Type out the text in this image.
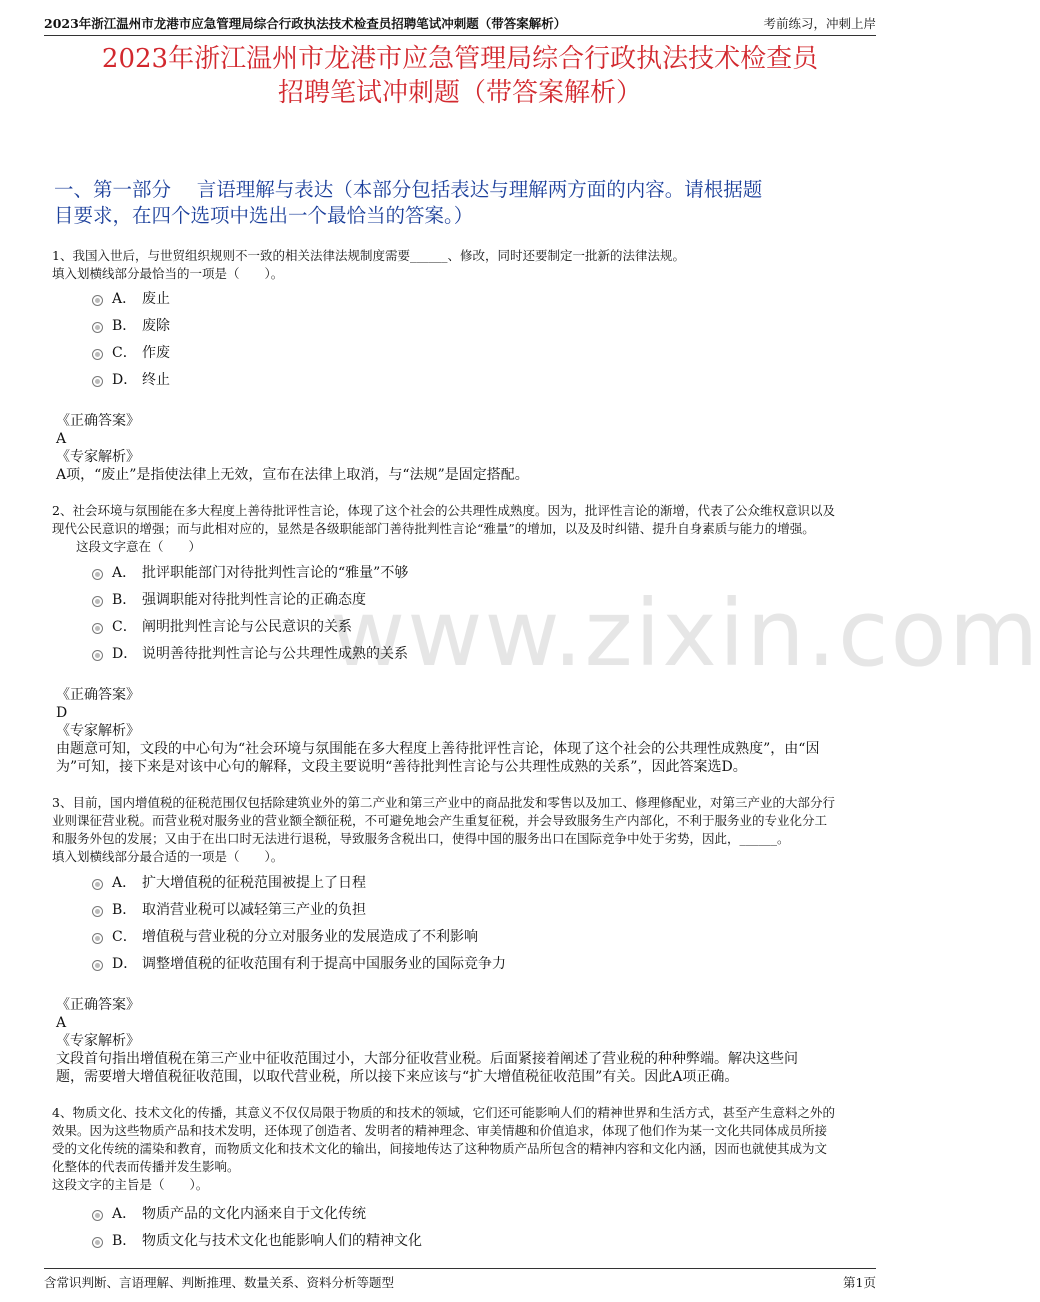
2023年浙江温州市龙港市应急管理局综合行政执法技术检查员招聘笔试冲刺题（带答案解析）	考前练习，冲刺上岸
2023年浙江温州市龙港市应急管理局综合行政执法技术检查员
招聘笔试冲刺题（带答案解析）
一、第一部分　 言语理解与表达（本部分包括表达与理解两方面的内容。请根据题
目要求，在四个选项中选出一个最恰当的答案。）
www.zixin.com

1、我国入世后，与世贸组织规则不一致的相关法律法规制度需要______、修改，同时还要制定一批新的法律法规。

填入划横线部分最恰当的一项是（　　）。

A． 废止
B． 废除
C． 作废
D． 终止

《正确答案》

A

《专家解析》

A项，“废止”是指使法律上无效，宣布在法律上取消，与“法规”是固定搭配。

2、社会环境与氛围能在多大程度上善待批评性言论，体现了这个社会的公共理性成熟度。因为，批评性言论的渐增，代表了公众维权意识以及

现代公民意识的增强；而与此相对应的，显然是各级职能部门善待批判性言论“雅量”的增加，以及及时纠错、提升自身素质与能力的增强。

这段文字意在（　　）

A． 批评职能部门对待批判性言论的“雅量”不够
B． 强调职能对待批判性言论的正确态度
C． 阐明批判性言论与公民意识的关系
D． 说明善待批判性言论与公共理性成熟的关系

《正确答案》

D

《专家解析》

由题意可知，文段的中心句为“社会环境与氛围能在多大程度上善待批评性言论，体现了这个社会的公共理性成熟度”，由“因

为”可知，接下来是对该中心句的解释，文段主要说明“善待批判性言论与公共理性成熟的关系”，因此答案选D。

3、目前，国内增值税的征税范围仅包括除建筑业外的第二产业和第三产业中的商品批发和零售以及加工、修理修配业，对第三产业的大部分行

业则课征营业税。而营业税对服务业的营业额全额征税，不可避免地会产生重复征税，并会导致服务生产内部化，不利于服务业的专业化分工

和服务外包的发展；又由于在出口时无法进行退税，导致服务含税出口，使得中国的服务出口在国际竞争中处于劣势，因此，______。

填入划横线部分最合适的一项是（　　）。

A． 扩大增值税的征税范围被提上了日程
B． 取消营业税可以减轻第三产业的负担
C． 增值税与营业税的分立对服务业的发展造成了不利影响
D． 调整增值税的征收范围有利于提高中国服务业的国际竞争力

《正确答案》

A

《专家解析》

文段首句指出增值税在第三产业中征收范围过小，大部分征收营业税。后面紧接着阐述了营业税的种种弊端。解决这些问

题，需要增大增值税征收范围，以取代营业税，所以接下来应该与“扩大增值税征收范围”有关。因此A项正确。

4、物质文化、技术文化的传播，其意义不仅仅局限于物质的和技术的领域，它们还可能影响人们的精神世界和生活方式，甚至产生意料之外的

效果。因为这些物质产品和技术发明，还体现了创造者、发明者的精神理念、审美情趣和价值追求，体现了他们作为某一文化共同体成员所接

受的文化传统的濡染和教育，而物质文化和技术文化的输出，间接地传达了这种物质产品所包含的精神内容和文化内涵，因而也就使其成为文

化整体的代表而传播并发生影响。

这段文字的主旨是（　　）。

A． 物质产品的文化内涵来自于文化传统
B． 物质文化与技术文化也能影响人们的精神文化
含常识判断、言语理解、判断推理、数量关系、资料分析等题型	第1页
